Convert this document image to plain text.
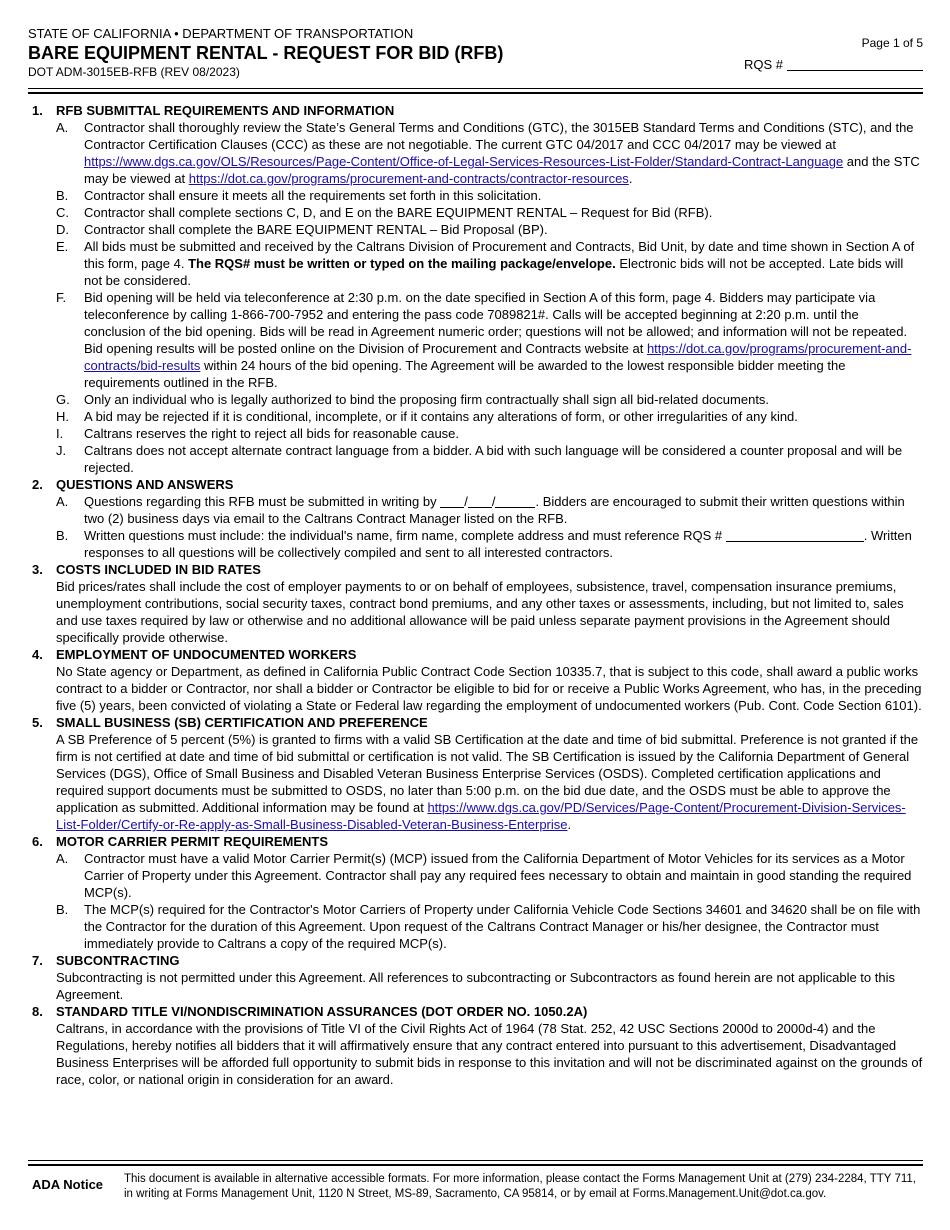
STATE OF CALIFORNIA • DEPARTMENT OF TRANSPORTATION
BARE EQUIPMENT RENTAL - REQUEST FOR BID (RFB)
DOT ADM-3015EB-RFB (REV 08/2023)
Page 1 of 5
RQS #
1. RFB SUBMITTAL REQUIREMENTS AND INFORMATION
A. Contractor shall thoroughly review the State’s General Terms and Conditions (GTC), the 3015EB Standard Terms and Conditions (STC), and the Contractor Certification Clauses (CCC) as these are not negotiable. The current GTC 04/2017 and CCC 04/2017 may be viewed at https://www.dgs.ca.gov/OLS/Resources/Page-Content/Office-of-Legal-Services-Resources-List-Folder/Standard-Contract-Language and the STC may be viewed at https://dot.ca.gov/programs/procurement-and-contracts/contractor-resources.
B. Contractor shall ensure it meets all the requirements set forth in this solicitation.
C. Contractor shall complete sections C, D, and E on the BARE EQUIPMENT RENTAL – Request for Bid (RFB).
D. Contractor shall complete the BARE EQUIPMENT RENTAL – Bid Proposal (BP).
E. All bids must be submitted and received by the Caltrans Division of Procurement and Contracts, Bid Unit, by date and time shown in Section A of this form, page 4. The RQS# must be written or typed on the mailing package/envelope. Electronic bids will not be accepted. Late bids will not be considered.
F. Bid opening will be held via teleconference at 2:30 p.m. on the date specified in Section A of this form, page 4. Bidders may participate via teleconference by calling 1-866-700-7952 and entering the pass code 7089821#. Calls will be accepted beginning at 2:20 p.m. until the conclusion of the bid opening. Bids will be read in Agreement numeric order; questions will not be allowed; and information will not be repeated. Bid opening results will be posted online on the Division of Procurement and Contracts website at https://dot.ca.gov/programs/procurement-and-contracts/bid-results within 24 hours of the bid opening. The Agreement will be awarded to the lowest responsible bidder meeting the requirements outlined in the RFB.
G. Only an individual who is legally authorized to bind the proposing firm contractually shall sign all bid-related documents.
H. A bid may be rejected if it is conditional, incomplete, or if it contains any alterations of form, or other irregularities of any kind.
I. Caltrans reserves the right to reject all bids for reasonable cause.
J. Caltrans does not accept alternate contract language from a bidder. A bid with such language will be considered a counter proposal and will be rejected.
2. QUESTIONS AND ANSWERS
A. Questions regarding this RFB must be submitted in writing by / /	. Bidders are encouraged to submit their written questions within two (2) business days via email to the Caltrans Contract Manager listed on the RFB.
B. Written questions must include: the individual's name, firm name, complete address and must reference RQS #	. Written responses to all questions will be collectively compiled and sent to all interested contractors.
3. COSTS INCLUDED IN BID RATES
Bid prices/rates shall include the cost of employer payments to or on behalf of employees, subsistence, travel, compensation insurance premiums, unemployment contributions, social security taxes, contract bond premiums, and any other taxes or assessments, including, but not limited to, sales and use taxes required by law or otherwise and no additional allowance will be paid unless separate payment provisions in the Agreement should specifically provide otherwise.
4. EMPLOYMENT OF UNDOCUMENTED WORKERS
No State agency or Department, as defined in California Public Contract Code Section 10335.7, that is subject to this code, shall award a public works contract to a bidder or Contractor, nor shall a bidder or Contractor be eligible to bid for or receive a Public Works Agreement, who has, in the preceding five (5) years, been convicted of violating a State or Federal law regarding the employment of undocumented workers (Pub. Cont. Code Section 6101).
5. SMALL BUSINESS (SB) CERTIFICATION AND PREFERENCE
A SB Preference of 5 percent (5%) is granted to firms with a valid SB Certification at the date and time of bid submittal. Preference is not granted if the firm is not certified at date and time of bid submittal or certification is not valid. The SB Certification is issued by the California Department of General Services (DGS), Office of Small Business and Disabled Veteran Business Enterprise Services (OSDS). Completed certification applications and required support documents must be submitted to OSDS, no later than 5:00 p.m. on the bid due date, and the OSDS must be able to approve the application as submitted. Additional information may be found at https://www.dgs.ca.gov/PD/Services/Page-Content/Procurement-Division-Services-List-Folder/Certify-or-Re-apply-as-Small-Business-Disabled-Veteran-Business-Enterprise.
6. MOTOR CARRIER PERMIT REQUIREMENTS
A. Contractor must have a valid Motor Carrier Permit(s) (MCP) issued from the California Department of Motor Vehicles for its services as a Motor Carrier of Property under this Agreement. Contractor shall pay any required fees necessary to obtain and maintain in good standing the required MCP(s).
B. The MCP(s) required for the Contractor's Motor Carriers of Property under California Vehicle Code Sections 34601 and 34620 shall be on file with the Contractor for the duration of this Agreement. Upon request of the Caltrans Contract Manager or his/her designee, the Contractor must immediately provide to Caltrans a copy of the required MCP(s).
7. SUBCONTRACTING
Subcontracting is not permitted under this Agreement. All references to subcontracting or Subcontractors as found herein are not applicable to this Agreement.
8. STANDARD TITLE VI/NONDISCRIMINATION ASSURANCES (DOT ORDER NO. 1050.2A)
Caltrans, in accordance with the provisions of Title VI of the Civil Rights Act of 1964 (78 Stat. 252, 42 USC Sections 2000d to 2000d-4) and the Regulations, hereby notifies all bidders that it will affirmatively ensure that any contract entered into pursuant to this advertisement, Disadvantaged Business Enterprises will be afforded full opportunity to submit bids in response to this invitation and will not be discriminated against on the grounds of race, color, or national origin in consideration for an award.
ADA Notice This document is available in alternative accessible formats. For more information, please contact the Forms Management Unit at (279) 234-2284, TTY 711, in writing at Forms Management Unit, 1120 N Street, MS-89, Sacramento, CA 95814, or by email at Forms.Management.Unit@dot.ca.gov.
